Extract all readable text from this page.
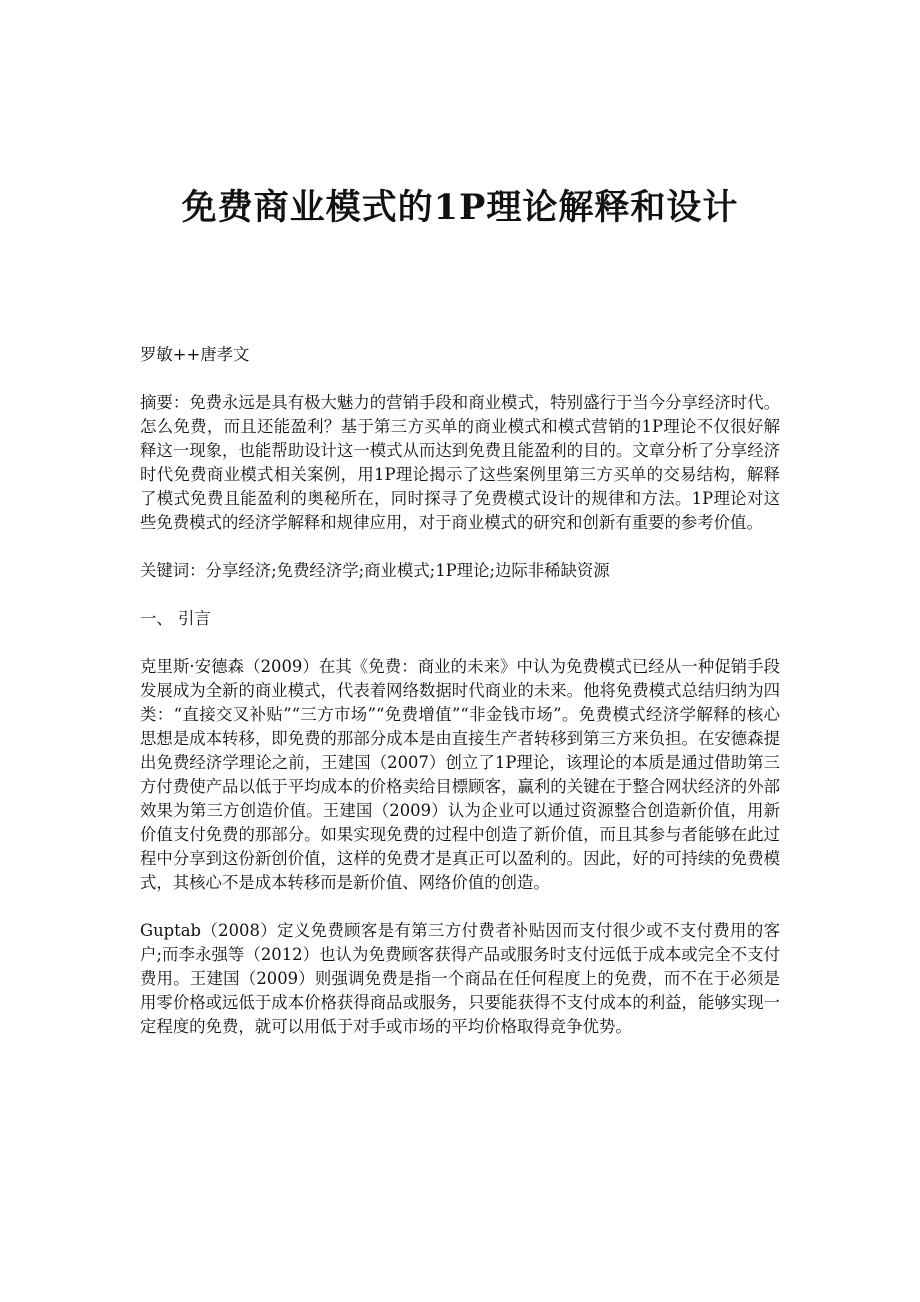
免费商业模式的1P理论解释和设计

罗敏++唐孝文

摘要：免费永远是具有极大魅力的营销手段和商业模式，特别盛行于当今分享经济时代。怎么免费，而且还能盈利？基于第三方买单的商业模式和模式营销的1P理论不仅很好解释这一现象，也能帮助设计这一模式从而达到免费且能盈利的目的。文章分析了分享经济时代免费商业模式相关案例，用1P理论揭示了这些案例里第三方买单的交易结构，解释了模式免费且能盈利的奥秘所在，同时探寻了免费模式设计的规律和方法。1P理论对这些免费模式的经济学解释和规律应用，对于商业模式的研究和创新有重要的参考价值。

关键词：分享经济;免费经济学;商业模式;1P理论;边际非稀缺资源

一、 引言

克里斯·安德森（2009）在其《免费：商业的未来》中认为免费模式已经从一种促销手段发展成为全新的商业模式，代表着网络数据时代商业的未来。他将免费模式总结归纳为四类：“直接交叉补贴”“三方市场”“免费增值”“非金钱市场”。免费模式经济学解释的核心思想是成本转移，即免费的那部分成本是由直接生产者转移到第三方来负担。在安德森提出免费经济学理论之前，王建国（2007）创立了1P理论，该理论的本质是通过借助第三方付费使产品以低于平均成本的价格卖给目標顾客，赢利的关键在于整合网状经济的外部效果为第三方创造价值。王建国（2009）认为企业可以通过资源整合创造新价值，用新价值支付免费的那部分。如果实现免费的过程中创造了新价值，而且其参与者能够在此过程中分享到这份新创价值，这样的免费才是真正可以盈利的。因此，好的可持续的免费模式，其核心不是成本转移而是新价值、网络价值的创造。

Guptab（2008）定义免费顾客是有第三方付费者补贴因而支付很少或不支付费用的客户;而李永强等（2012）也认为免费顾客获得产品或服务时支付远低于成本或完全不支付费用。王建国（2009）则强调免费是指一个商品在任何程度上的免费，而不在于必须是用零价格或远低于成本价格获得商品或服务，只要能获得不支付成本的利益，能够实现一定程度的免费，就可以用低于对手或市场的平均价格取得竞争优势。
